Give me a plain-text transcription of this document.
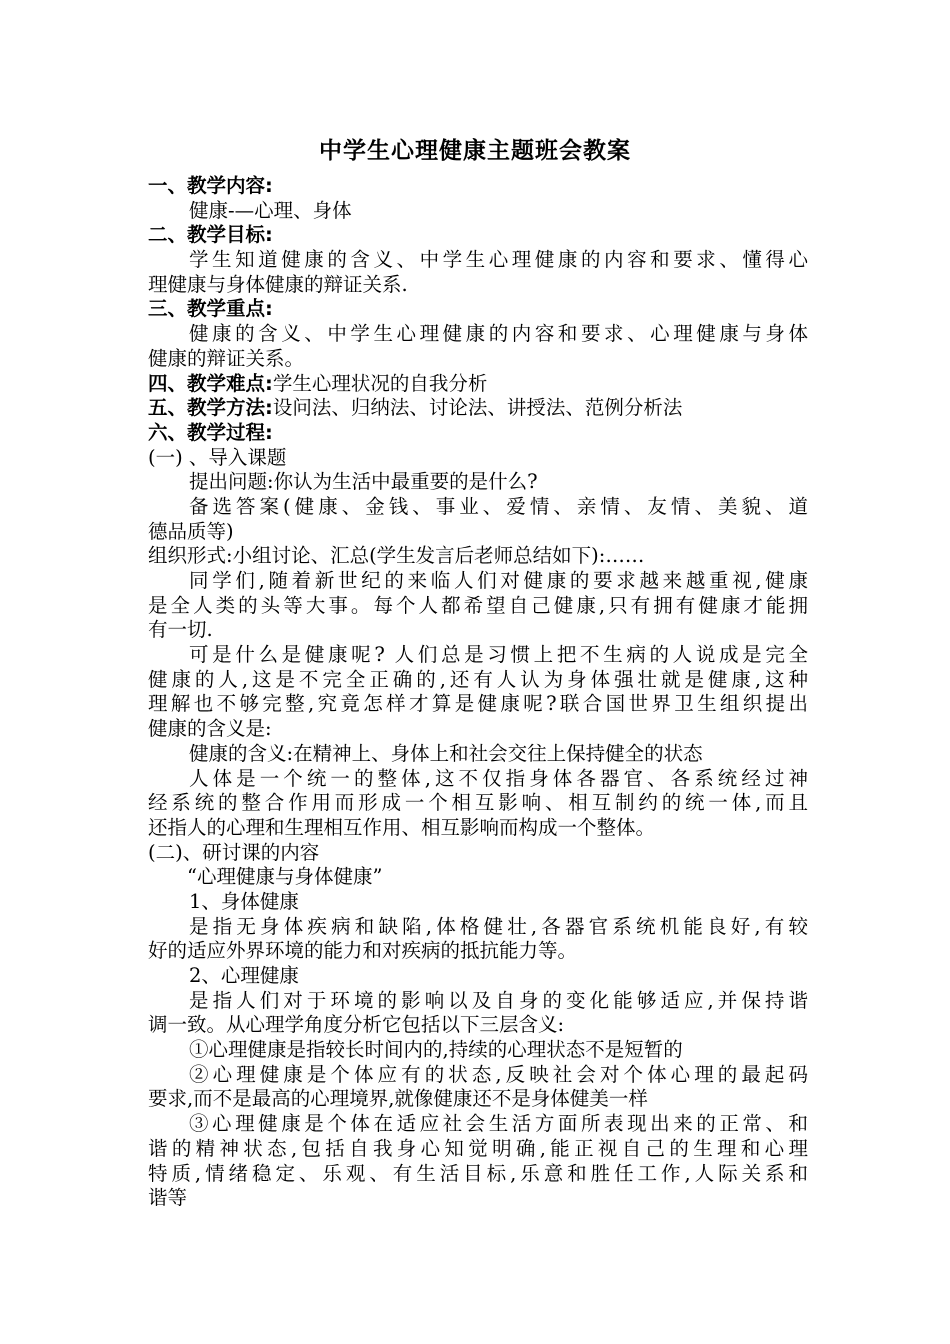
中学生心理健康主题班会教案
一、教学内容:
健康-—心理、身体
二、教学目标:
学生知道健康的含义、中学生心理健康的内容和要求、懂得心
理健康与身体健康的辩证关系.
三、教学重点:
健康的含义、中学生心理健康的内容和要求、心理健康与身体
健康的辩证关系。
四、教学难点:学生心理状况的自我分析
五、教学方法:设问法、归纳法、讨论法、讲授法、范例分析法
六、教学过程:
(一) 、导入课题
提出问题:你认为生活中最重要的是什么?
备选答案(健康、金钱、事业、爱情、亲情、友情、美貌、道
德品质等)
组织形式:小组讨论、汇总(学生发言后老师总结如下):……
同学们,随着新世纪的来临人们对健康的要求越来越重视,健康
是全人类的头等大事。每个人都希望自己健康,只有拥有健康才能拥
有一切.
可是什么是健康呢? 人们总是习惯上把不生病的人说成是完全
健康的人,这是不完全正确的,还有人认为身体强壮就是健康,这种
理解也不够完整,究竟怎样才算是健康呢?联合国世界卫生组织提出
健康的含义是:
健康的含义:在精神上、身体上和社会交往上保持健全的状态
人体是一个统一的整体,这不仅指身体各器官、各系统经过神
经系统的整合作用而形成一个相互影响、相互制约的统一体,而且
还指人的心理和生理相互作用、相互影响而构成一个整体。
(二)、研讨课的内容
“心理健康与身体健康”
1、身体健康
是指无身体疾病和缺陷,体格健壮,各器官系统机能良好,有较
好的适应外界环境的能力和对疾病的抵抗能力等。
2、心理健康
是指人们对于环境的影响以及自身的变化能够适应,并保持谐
调一致。从心理学角度分析它包括以下三层含义:
①心理健康是指较长时间内的,持续的心理状态不是短暂的
②心理健康是个体应有的状态,反映社会对个体心理的最起码
要求,而不是最高的心理境界,就像健康还不是身体健美一样
③心理健康是个体在适应社会生活方面所表现出来的正常、和
谐的精神状态,包括自我身心知觉明确,能正视自己的生理和心理
特质,情绪稳定、乐观、有生活目标,乐意和胜任工作,人际关系和
谐等
